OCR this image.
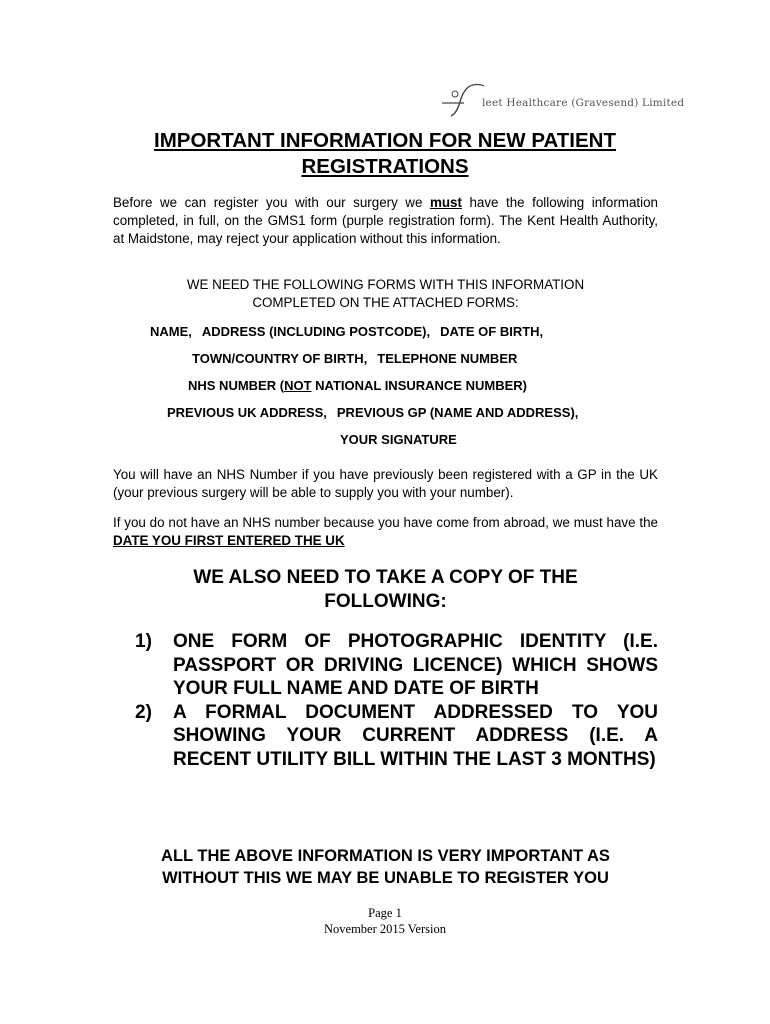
leet Healthcare (Gravesend) Limited
IMPORTANT INFORMATION FOR NEW PATIENT
REGISTRATIONS
Before we can register you with our surgery we must have the following information completed, in full, on the GMS1 form (purple registration form). The Kent Health Authority, at Maidstone, may reject your application without this information.
WE NEED THE FOLLOWING FORMS WITH THIS INFORMATION
COMPLETED ON THE ATTACHED FORMS:
NAME, ADDRESS (INCLUDING POSTCODE), DATE OF BIRTH,
TOWN/COUNTRY OF BIRTH, TELEPHONE NUMBER
NHS NUMBER (NOT NATIONAL INSURANCE NUMBER)
PREVIOUS UK ADDRESS, PREVIOUS GP (NAME AND ADDRESS),
YOUR SIGNATURE
You will have an NHS Number if you have previously been registered with a GP in the UK (your previous surgery will be able to supply you with your number).
If you do not have an NHS number because you have come from abroad, we must have the DATE YOU FIRST ENTERED THE UK
WE ALSO NEED TO TAKE A COPY OF THE
FOLLOWING:
1) ONE FORM OF PHOTOGRAPHIC IDENTITY (I.E. PASSPORT OR DRIVING LICENCE) WHICH SHOWS YOUR FULL NAME AND DATE OF BIRTH
2) A FORMAL DOCUMENT ADDRESSED TO YOU SHOWING YOUR CURRENT ADDRESS (I.E. A RECENT UTILITY BILL WITHIN THE LAST 3 MONTHS)
ALL THE ABOVE INFORMATION IS VERY IMPORTANT AS
WITHOUT THIS WE MAY BE UNABLE TO REGISTER YOU
Page 1
November 2015 Version
